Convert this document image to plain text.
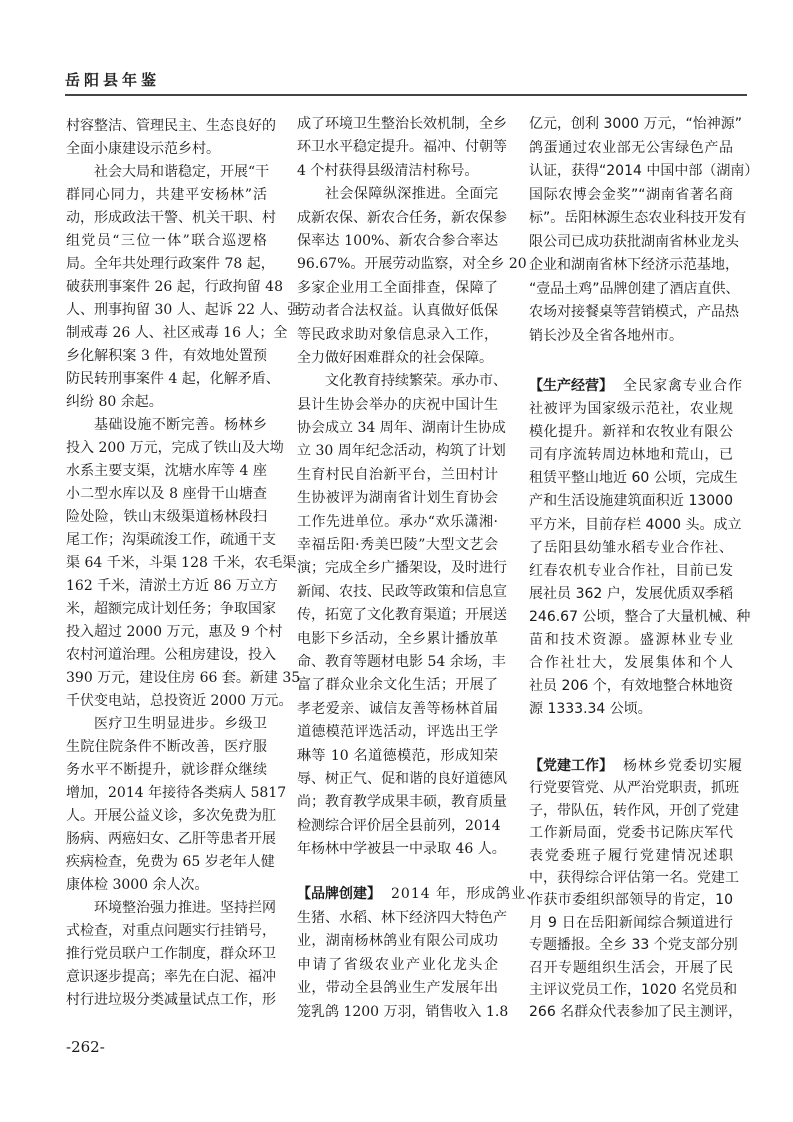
岳阳县年鉴
村容整洁、管理民主、生态良好的
全面小康建设示范乡村。
社会大局和谐稳定，开展“干
群同心同力，共建平安杨林”活
动，形成政法干警、机关干职、村
组党员“三位一体”联合巡逻格
局。全年共处理行政案件 78 起，
破获刑事案件 26 起，行政拘留 48
人、刑事拘留 30 人、起诉 22 人、强
制戒毒 26 人、社区戒毒 16 人；全
乡化解积案 3 件，有效地处置预
防民转刑事案件 4 起，化解矛盾、
纠纷 80 余起。
基础设施不断完善。杨林乡
投入 200 万元，完成了铁山及大坳
水系主要支渠，沈塘水库等 4 座
小二型水库以及 8 座骨干山塘查
险处险，铁山末级渠道杨林段扫
尾工作；沟渠疏浚工作，疏通干支
渠 64 千米，斗渠 128 千米，农毛渠
162 千米，清淤土方近 86 万立方
米，超额完成计划任务；争取国家
投入超过 2000 万元，惠及 9 个村
农村河道治理。公租房建设，投入
390 万元，建设住房 66 套。新建 35
千伏变电站，总投资近 2000 万元。
医疗卫生明显进步。乡级卫
生院住院条件不断改善，医疗服
务水平不断提升，就诊群众继续
增加，2014 年接待各类病人 5817
人。开展公益义诊，多次免费为肛
肠病、两癌妇女、乙肝等患者开展
疾病检查，免费为 65 岁老年人健
康体检 3000 余人次。
环境整治强力推进。坚持拦网
式检查，对重点问题实行挂销号，
推行党员联户工作制度，群众环卫
意识逐步提高；率先在白泥、福冲
村行进垃圾分类减量试点工作，形
成了环境卫生整治长效机制，全乡
环卫水平稳定提升。福冲、付朝等
4 个村获得县级清洁村称号。
社会保障纵深推进。全面完
成新农保、新农合任务，新农保参
保率达 100%、新农合参合率达
96.67%。开展劳动监察，对全乡 20
多家企业用工全面排查，保障了
劳动者合法权益。认真做好低保
等民政求助对象信息录入工作，
全力做好困难群众的社会保障。
文化教育持续繁荣。承办市、
县计生协会举办的庆祝中国计生
协会成立 34 周年、湖南计生协成
立 30 周年纪念活动，构筑了计划
生育村民自治新平台，兰田村计
生协被评为湖南省计划生育协会
工作先进单位。承办“欢乐潇湘·
幸福岳阳·秀美巴陵”大型文艺会
演；完成全乡广播架设，及时进行
新闻、农技、民政等政策和信息宣
传，拓宽了文化教育渠道；开展送
电影下乡活动，全乡累计播放革
命、教育等题材电影 54 余场，丰
富了群众业余文化生活；开展了
孝老爱亲、诚信友善等杨林首届
道德模范评选活动，评选出王学
琳等 10 名道德模范，形成知荣
辱、树正气、促和谐的良好道德风
尚；教育教学成果丰硕，教育质量
检测综合评价居全县前列，2014
年杨林中学被县一中录取 46 人。
【品牌创建】 2014 年，形成鸽业、
生猪、水稻、林下经济四大特色产
业，湖南杨林鸽业有限公司成功
申请了省级农业产业化龙头企
业，带动全县鸽业生产发展年出
笼乳鸽 1200 万羽，销售收入 1.8
亿元，创利 3000 万元，“怡神源”
鸽蛋通过农业部无公害绿色产品
认证，获得“2014 中国中部（湖南）
国际农博会金奖”“湖南省著名商
标”。岳阳林源生态农业科技开发有
限公司已成功获批湖南省林业龙头
企业和湖南省林下经济示范基地，
“壹品土鸡”品牌创建了酒店直供、
农场对接餐桌等营销模式，产品热
销长沙及全省各地州市。
【生产经营】 全民家禽专业合作
社被评为国家级示范社，农业规
模化提升。新祥和农牧业有限公
司有序流转周边林地和荒山，已
租赁平整山地近 60 公顷，完成生
产和生活设施建筑面积近 13000
平方米，目前存栏 4000 头。成立
了岳阳县幼雏水稻专业合作社、
红春农机专业合作社，目前已发
展社员 362 户，发展优质双季稻
246.67 公顷，整合了大量机械、种
苗和技术资源。盛源林业专业
合作社壮大，发展集体和个人
社员 206 个，有效地整合林地资
源 1333.34 公顷。
【党建工作】 杨林乡党委切实履
行党要管党、从严治党职责，抓班
子，带队伍，转作风，开创了党建
工作新局面，党委书记陈庆军代
表党委班子履行党建情况述职
中，获得综合评估第一名。党建工
作获市委组织部领导的肯定，10
月 9 日在岳阳新闻综合频道进行
专题播报。全乡 33 个党支部分别
召开专题组织生活会，开展了民
主评议党员工作，1020 名党员和
266 名群众代表参加了民主测评，
-262-
